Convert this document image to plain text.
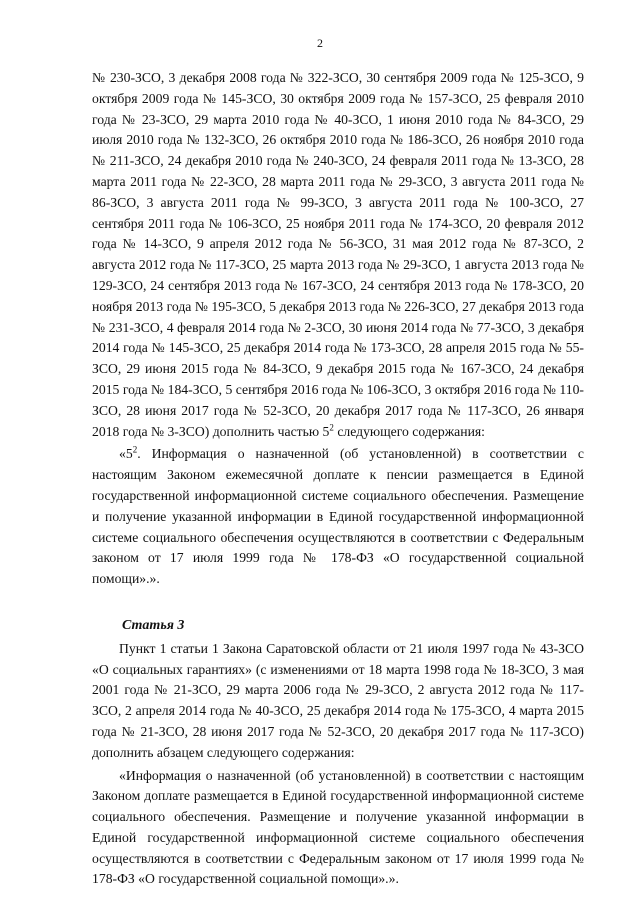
2

№ 230-ЗСО, 3 декабря 2008 года № 322-ЗСО, 30 сентября 2009 года № 125-ЗСО, 9 октября 2009 года № 145-ЗСО, 30 октября 2009 года № 157-ЗСО, 25 февраля 2010 года № 23-ЗСО, 29 марта 2010 года № 40-ЗСО, 1 июня 2010 года № 84-ЗСО, 29 июля 2010 года № 132-ЗСО, 26 октября 2010 года № 186-ЗСО, 26 ноября 2010 года № 211-ЗСО, 24 декабря 2010 года № 240-ЗСО, 24 февраля 2011 года № 13-ЗСО, 28 марта 2011 года № 22-ЗСО, 28 марта 2011 года № 29-ЗСО, 3 августа 2011 года № 86-ЗСО, 3 августа 2011 года № 99-ЗСО, 3 августа 2011 года № 100-ЗСО, 27 сентября 2011 года № 106-ЗСО, 25 ноября 2011 года № 174-ЗСО, 20 февраля 2012 года № 14-ЗСО, 9 апреля 2012 года № 56-ЗСО, 31 мая 2012 года № 87-ЗСО, 2 августа 2012 года № 117-ЗСО, 25 марта 2013 года № 29-ЗСО, 1 августа 2013 года № 129-ЗСО, 24 сентября 2013 года № 167-ЗСО, 24 сентября 2013 года № 178-ЗСО, 20 ноября 2013 года № 195-ЗСО, 5 декабря 2013 года № 226-ЗСО, 27 декабря 2013 года № 231-ЗСО, 4 февраля 2014 года № 2-ЗСО, 30 июня 2014 года № 77-ЗСО, 3 декабря 2014 года № 145-ЗСО, 25 декабря 2014 года № 173-ЗСО, 28 апреля 2015 года № 55-ЗСО, 29 июня 2015 года № 84-ЗСО, 9 декабря 2015 года № 167-ЗСО, 24 декабря 2015 года № 184-ЗСО, 5 сентября 2016 года № 106-ЗСО, 3 октября 2016 года № 110-ЗСО, 28 июня 2017 года № 52-ЗСО, 20 декабря 2017 года № 117-ЗСО, 26 января 2018 года № 3-ЗСО) дополнить частью $5^2$ следующего содержания:

«$5^2$. Информация о назначенной (об установленной) в соответствии с настоящим Законом ежемесячной доплате к пенсии размещается в Единой государственной информационной системе социального обеспечения. Размещение и получение указанной информации в Единой государственной информационной системе социального обеспечения осуществляются в соответствии с Федеральным законом от 17 июля 1999 года № 178-ФЗ «О государственной социальной помощи».».

Статья 3

Пункт 1 статьи 1 Закона Саратовской области от 21 июля 1997 года № 43-ЗСО «О социальных гарантиях» (с изменениями от 18 марта 1998 года № 18-ЗСО, 3 мая 2001 года № 21-ЗСО, 29 марта 2006 года № 29-ЗСО, 2 августа 2012 года № 117-ЗСО, 2 апреля 2014 года № 40-ЗСО, 25 декабря 2014 года № 175-ЗСО, 4 марта 2015 года № 21-ЗСО, 28 июня 2017 года № 52-ЗСО, 20 декабря 2017 года № 117-ЗСО) дополнить абзацем следующего содержания:

«Информация о назначенной (об установленной) в соответствии с настоящим Законом доплате размещается в Единой государственной информационной системе социального обеспечения. Размещение и получение указанной информации в Единой государственной информационной системе социального обеспечения осуществляются в соответствии с Федеральным законом от 17 июля 1999 года № 178-ФЗ «О государственной социальной помощи».».
